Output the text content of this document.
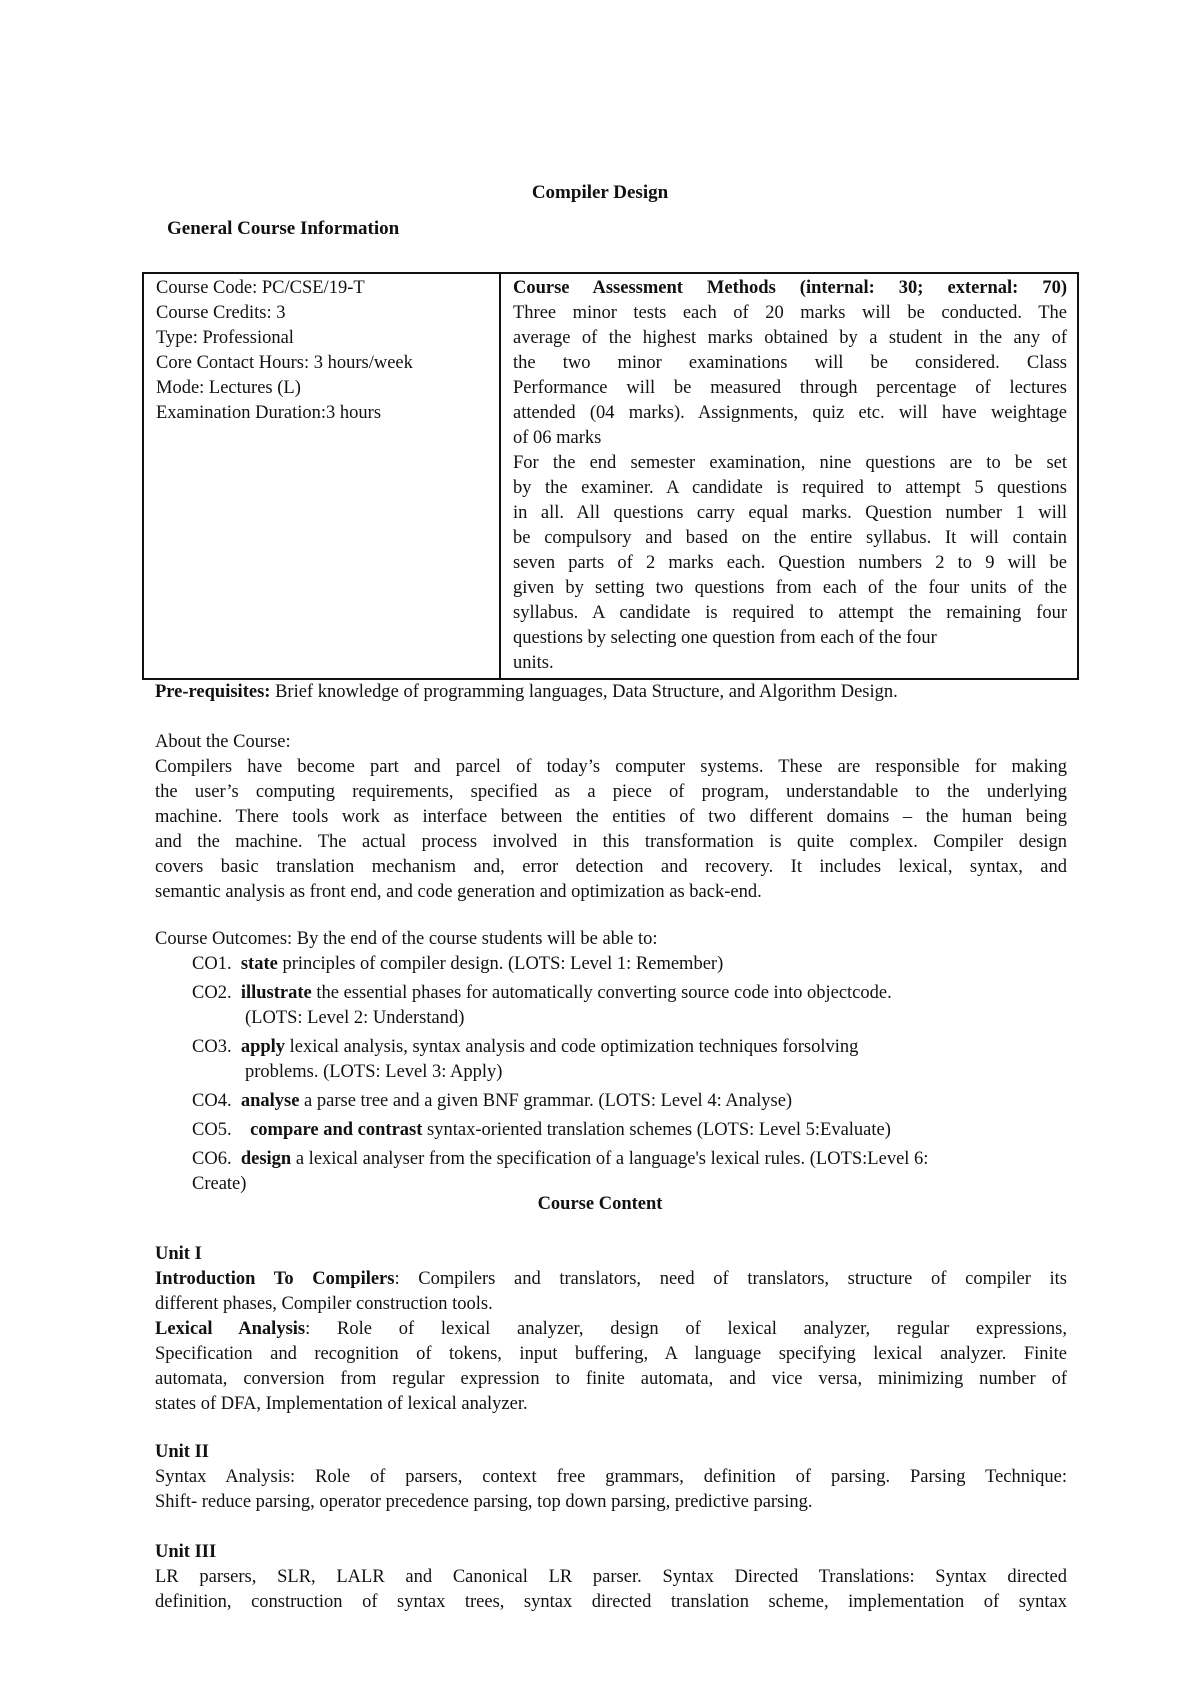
Compiler Design
General Course Information
Course Code: PC/CSE/19-T
Course Credits: 3
Type: Professional
Core Contact Hours: 3 hours/week
Mode: Lectures (L)
Examination Duration:3 hours

Course Assessment Methods (internal: 30; external: 70)
Three minor tests each of 20 marks will be conducted. The
average of the highest marks obtained by a student in the any of
the two minor examinations will be considered. Class
Performance will be measured through percentage of lectures
attended (04 marks). Assignments, quiz etc. will have weightage
of 06 marks
For the end semester examination, nine questions are to be set
by the examiner. A candidate is required to attempt 5 questions
in all. All questions carry equal marks. Question number 1 will
be compulsory and based on the entire syllabus. It will contain
seven parts of 2 marks each. Question numbers 2 to 9 will be
given by setting two questions from each of the four units of the
syllabus. A candidate is required to attempt the remaining four
questions by selecting one question from each of the four
units.
Pre-requisites: Brief knowledge of programming languages, Data Structure, and Algorithm Design.
About the Course:
Compilers have become part and parcel of today’s computer systems. These are responsible for making
the user’s computing requirements, specified as a piece of program, understandable to the underlying
machine. There tools work as interface between the entities of two different domains – the human being
and the machine. The actual process involved in this transformation is quite complex. Compiler design
covers basic translation mechanism and, error detection and recovery. It includes lexical, syntax, and
semantic analysis as front end, and code generation and optimization as back-end.
Course Outcomes: By the end of the course students will be able to:
CO1. state principles of compiler design. (LOTS: Level 1: Remember)
CO2. illustrate the essential phases for automatically converting source code into objectcode.
(LOTS: Level 2: Understand)
CO3. apply lexical analysis, syntax analysis and code optimization techniques forsolving
problems. (LOTS: Level 3: Apply)
CO4. analyse a parse tree and a given BNF grammar. (LOTS: Level 4: Analyse)
CO5. compare and contrast syntax-oriented translation schemes (LOTS: Level 5:Evaluate)
CO6. design a lexical analyser from the specification of a language's lexical rules. (LOTS:Level 6:
Create)
Course Content
Unit I
Introduction To Compilers: Compilers and translators, need of translators, structure of compiler its
different phases, Compiler construction tools.
Lexical Analysis: Role of lexical analyzer, design of lexical analyzer, regular expressions,
Specification and recognition of tokens, input buffering, A language specifying lexical analyzer. Finite
automata, conversion from regular expression to finite automata, and vice versa, minimizing number of
states of DFA, Implementation of lexical analyzer.
Unit II
Syntax Analysis: Role of parsers, context free grammars, definition of parsing. Parsing Technique:
Shift- reduce parsing, operator precedence parsing, top down parsing, predictive parsing.
Unit III
LR parsers, SLR, LALR and Canonical LR parser. Syntax Directed Translations: Syntax directed
definition, construction of syntax trees, syntax directed translation scheme, implementation of syntax
